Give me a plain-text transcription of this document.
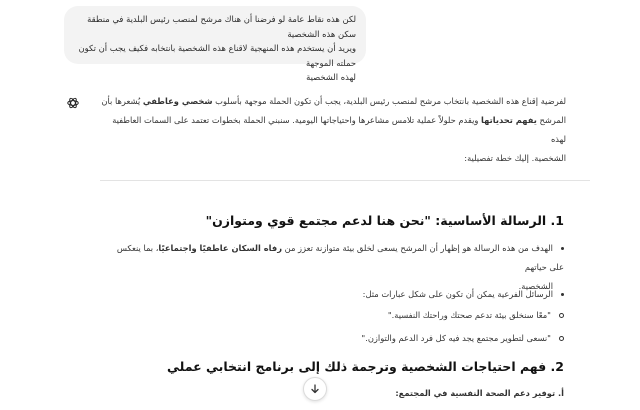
لكن هذه نقاط عامة لو فرضنا أن هناك مرشح لمنصب رئيس البلدية في منطقة سكن هذه الشخصية
ويريد أن يستخدم هذه المنهجية لاقناع هذه الشخصية بانتخابه فكيف يجب أن تكون حملته الموجهة
لهذه الشخصية
لفرضية إقناع هذه الشخصية بانتخاب مرشح لمنصب رئيس البلدية، يجب أن تكون الحملة موجهة بأسلوب شخصي وعاطفي يُشعرها بأن
المرشح يفهم تحدياتها ويقدم حلولاً عملية تلامس مشاعرها واحتياجاتها اليومية. سنبني الحملة بخطوات تعتمد على السمات العاطفية لهذه
الشخصية. إليك خطة تفصيلية:
1. الرسالة الأساسية: "نحن هنا لدعم مجتمع قوي ومتوازن"
الهدف من هذه الرسالة هو إظهار أن المرشح يسعى لخلق بيئة متوازنة تعزز من رفاه السكان عاطفيًا واجتماعيًا، بما ينعكس على حياتهم
الشخصية.
الرسائل الفرعية يمكن أن تكون على شكل عبارات مثل:
"معًا سنخلق بيئة تدعم صحتك وراحتك النفسية."
"نسعى لتطوير مجتمع يجد فيه كل فرد الدعم والتوازن."
2. فهم احتياجات الشخصية وترجمة ذلك إلى برنامج انتخابي عملي
أ. توفير دعم الصحة النفسية في المجتمع:
